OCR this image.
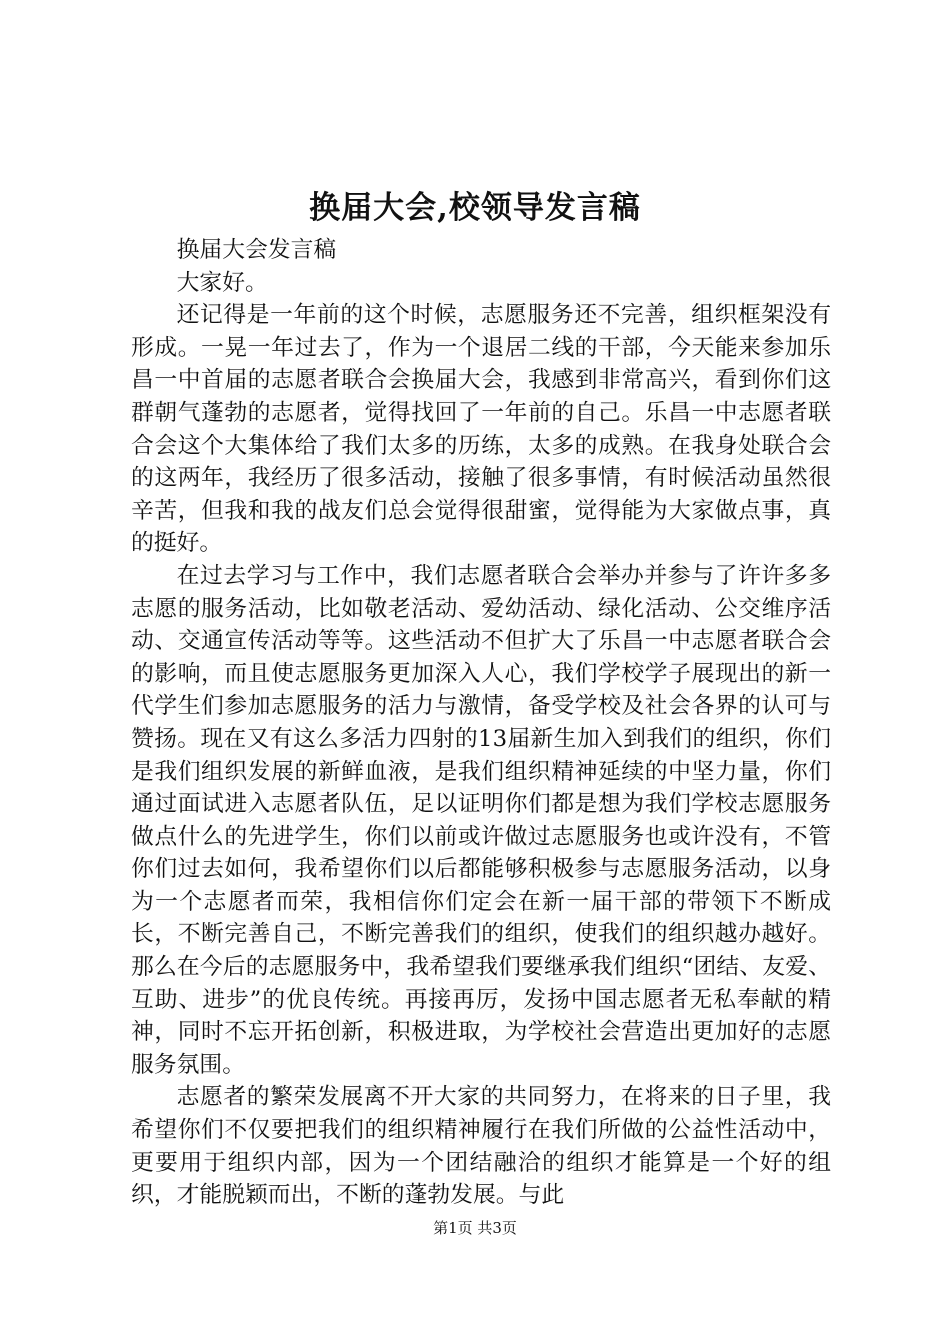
换届大会,校领导发言稿

换届大会发言稿

大家好。

还记得是一年前的这个时候，志愿服务还不完善，组织框架没有形成。一晃一年过去了，作为一个退居二线的干部，今天能来参加乐昌一中首届的志愿者联合会换届大会，我感到非常高兴，看到你们这群朝气蓬勃的志愿者，觉得找回了一年前的自己。乐昌一中志愿者联合会这个大集体给了我们太多的历练，太多的成熟。在我身处联合会的这两年，我经历了很多活动，接触了很多事情，有时候活动虽然很辛苦，但我和我的战友们总会觉得很甜蜜，觉得能为大家做点事，真的挺好。

在过去学习与工作中，我们志愿者联合会举办并参与了许许多多志愿的服务活动，比如敬老活动、爱幼活动、绿化活动、公交维序活动、交通宣传活动等等。这些活动不但扩大了乐昌一中志愿者联合会的影响，而且使志愿服务更加深入人心，我们学校学子展现出的新一代学生们参加志愿服务的活力与激情，备受学校及社会各界的认可与赞扬。现在又有这么多活力四射的13届新生加入到我们的组织，你们是我们组织发展的新鲜血液，是我们组织精神延续的中坚力量，你们通过面试进入志愿者队伍，足以证明你们都是想为我们学校志愿服务做点什么的先进学生，你们以前或许做过志愿服务也或许没有，不管你们过去如何，我希望你们以后都能够积极参与志愿服务活动，以身为一个志愿者而荣，我相信你们定会在新一届干部的带领下不断成长，不断完善自己，不断完善我们的组织，使我们的组织越办越好。那么在今后的志愿服务中，我希望我们要继承我们组织“团结、友爱、互助、进步”的优良传统。再接再厉，发扬中国志愿者无私奉献的精神，同时不忘开拓创新，积极进取，为学校社会营造出更加好的志愿服务氛围。

志愿者的繁荣发展离不开大家的共同努力，在将来的日子里，我希望你们不仅要把我们的组织精神履行在我们所做的公益性活动中，更要用于组织内部，因为一个团结融洽的组织才能算是一个好的组织，才能脱颖而出，不断的蓬勃发展。与此

第1页 共3页
